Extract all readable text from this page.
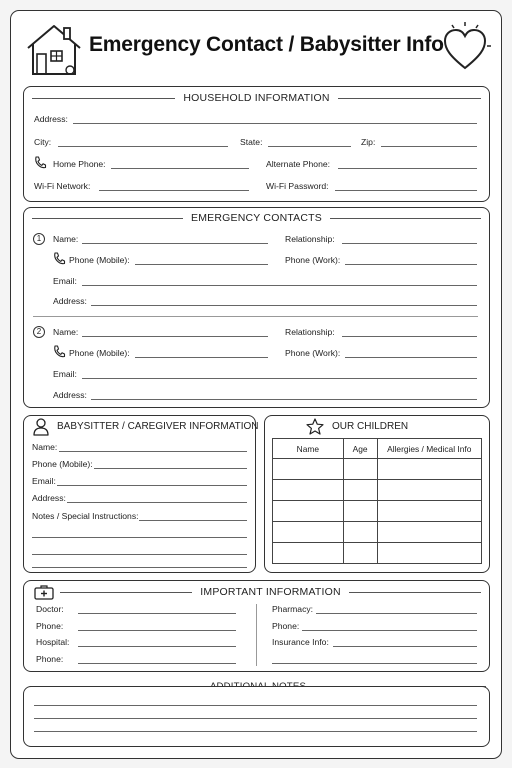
Emergency Contact / Babysitter Info
HOUSEHOLD INFORMATION
Address:
City:	State:	Zip:
Home Phone:	Alternate Phone:
Wi-Fi Network:	Wi-Fi Password:
EMERGENCY CONTACTS
1	Name:	Relationship:
Phone (Mobile):	Phone (Work):
Email:
Address:
2	Name:	Relationship:
Phone (Mobile):	Phone (Work):
Email:
Address:
BABYSITTER / CAREGIVER INFORMATION
Name:
Phone (Mobile):
Email:
Address:
Notes / Special Instructions:
OUR CHILDREN
Name	Age	Allergies / Medical Info

IMPORTANT INFORMATION
Doctor:
Phone:
Hospital:
Phone:
Pharmacy:
Phone:
Insurance Info:
